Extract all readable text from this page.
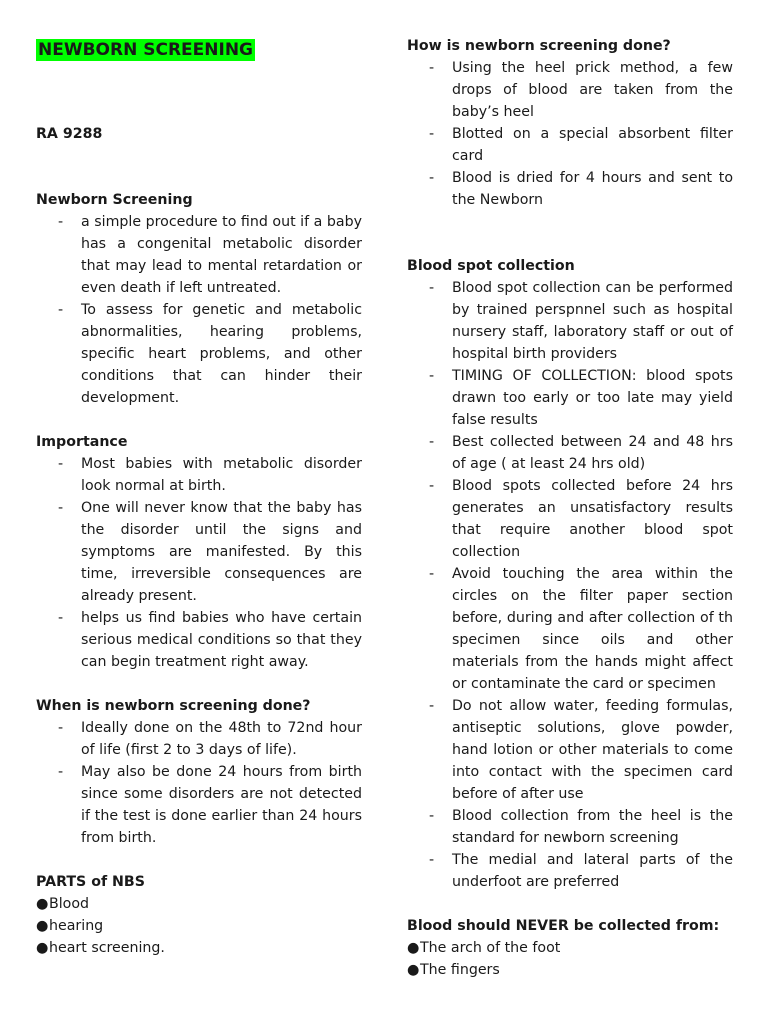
NEWBORN SCREENING
RA 9288
Newborn Screening
- a simple procedure to find out if a baby has a congenital metabolic disorder that may lead to mental retardation or even death if left untreated.
- To assess for genetic and metabolic abnormalities, hearing problems, specific heart problems, and other conditions that can hinder their development.
Importance
- Most babies with metabolic disorder look normal at birth.
- One will never know that the baby has the disorder until the signs and symptoms are manifested. By this time, irreversible consequences are already present.
- helps us find babies who have certain serious medical conditions so that they can begin treatment right away.
When is newborn screening done?
- Ideally done on the 48th to 72nd hour of life (first 2 to 3 days of life).
- May also be done 24 hours from birth since some disorders are not detected if the test is done earlier than 24 hours from birth.
PARTS of NBS
●Blood
●hearing
●heart screening.
How is newborn screening done?
- Using the heel prick method, a few drops of blood are taken from the baby’s heel
- Blotted on a special absorbent filter card
- Blood is dried for 4 hours and sent to the Newborn
Blood spot collection
- Blood spot collection can be performed by trained perspnnel such as hospital nursery staff, laboratory staff or out of hospital birth providers
- TIMING OF COLLECTION: blood spots drawn too early or too late may yield false results
- Best collected between 24 and 48 hrs of age ( at least 24 hrs old)
- Blood spots collected before 24 hrs generates an unsatisfactory results that require another blood spot collection
- Avoid touching the area within the circles on the filter paper section before, during and after collection of th specimen since oils and other materials from the hands might affect or contaminate the card or specimen
- Do not allow water, feeding formulas, antiseptic solutions, glove powder, hand lotion or other materials to come into contact with the specimen card before of after use
- Blood collection from the heel is the standard for newborn screening
- The medial and lateral parts of the underfoot are preferred
Blood should NEVER be collected from:
●The arch of the foot
●The fingers
